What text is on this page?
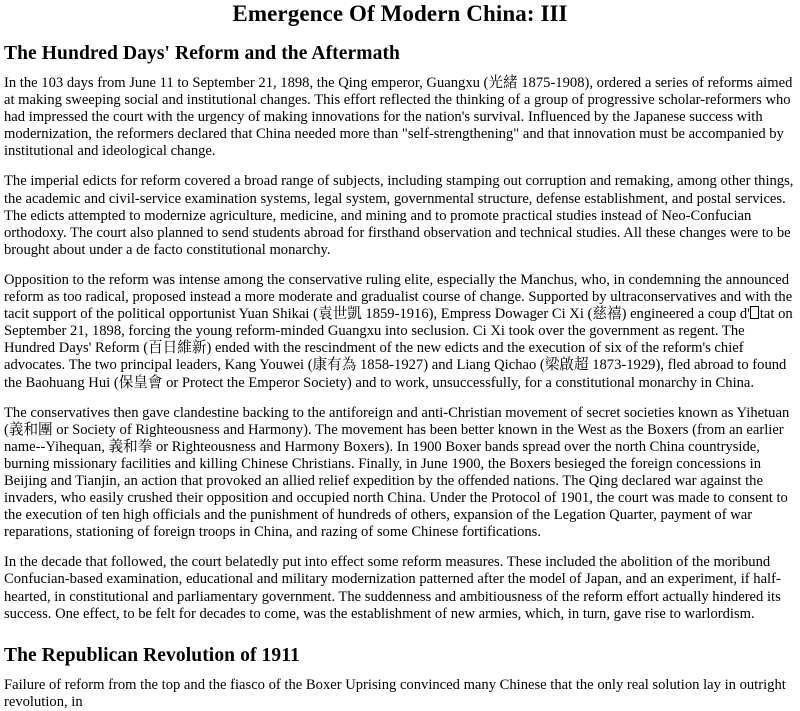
Emergence Of Modern China: III
The Hundred Days' Reform and the Aftermath

In the 103 days from June 11 to September 21, 1898, the Qing emperor, Guangxu (光緒 1875-1908), ordered a series of reforms aimed at making sweeping social and institutional changes. This effort reflected the thinking of a group of progressive scholar-reformers who had impressed the court with the urgency of making innovations for the nation's survival. Influenced by the Japanese success with modernization, the reformers declared that China needed more than "self-strengthening" and that innovation must be accompanied by institutional and ideological change.

The imperial edicts for reform covered a broad range of subjects, including stamping out corruption and remaking, among other things, the academic and civil-service examination systems, legal system, governmental structure, defense establishment, and postal services. The edicts attempted to modernize agriculture, medicine, and mining and to promote practical studies instead of Neo-Confucian orthodoxy. The court also planned to send students abroad for firsthand observation and technical studies. All these changes were to be brought about under a de facto constitutional monarchy.

Opposition to the reform was intense among the conservative ruling elite, especially the Manchus, who, in condemning the announced reform as too radical, proposed instead a more moderate and gradualist course of change. Supported by ultraconservatives and with the tacit support of the political opportunist Yuan Shikai (袁世凱 1859-1916), Empress Dowager Ci Xi (慈禧) engineered a coup d' tat on September 21, 1898, forcing the young reform-minded Guangxu into seclusion. Ci Xi took over the government as regent. The Hundred Days' Reform (百日維新) ended with the rescindment of the new edicts and the execution of six of the reform's chief advocates. The two principal leaders, Kang Youwei (康有為 1858-1927) and Liang Qichao (梁啟超 1873-1929), fled abroad to found the Baohuang Hui (保皇會 or Protect the Emperor Society) and to work, unsuccessfully, for a constitutional monarchy in China.

The conservatives then gave clandestine backing to the antiforeign and anti-Christian movement of secret societies known as Yihetuan (義和團 or Society of Righteousness and Harmony). The movement has been better known in the West as the Boxers (from an earlier name--Yihequan, 義和拳 or Righteousness and Harmony Boxers). In 1900 Boxer bands spread over the north China countryside, burning missionary facilities and killing Chinese Christians. Finally, in June 1900, the Boxers besieged the foreign concessions in Beijing and Tianjin, an action that provoked an allied relief expedition by the offended nations. The Qing declared war against the invaders, who easily crushed their opposition and occupied north China. Under the Protocol of 1901, the court was made to consent to the execution of ten high officials and the punishment of hundreds of others, expansion of the Legation Quarter, payment of war reparations, stationing of foreign troops in China, and razing of some Chinese fortifications.

In the decade that followed, the court belatedly put into effect some reform measures. These included the abolition of the moribund Confucian-based examination, educational and military modernization patterned after the model of Japan, and an experiment, if half-hearted, in constitutional and parliamentary government. The suddenness and ambitiousness of the reform effort actually hindered its success. One effect, to be felt for decades to come, was the establishment of new armies, which, in turn, gave rise to warlordism.

The Republican Revolution of 1911

Failure of reform from the top and the fiasco of the Boxer Uprising convinced many Chinese that the only real solution lay in outright revolution, in
